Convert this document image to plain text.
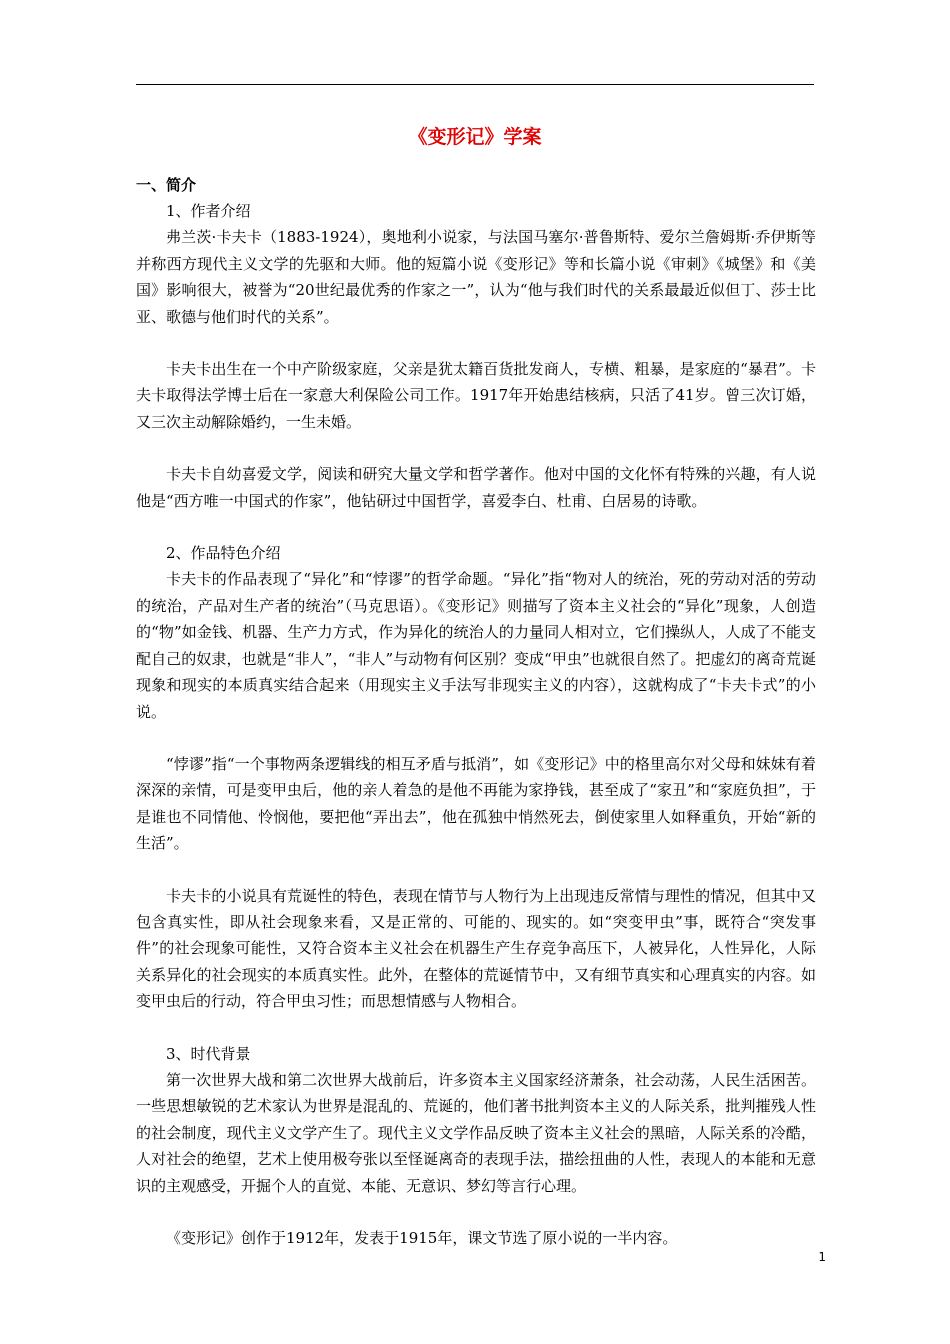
《变形记》学案

一、简介

1、作者介绍

弗兰茨·卡夫卡（1883-1924），奥地利小说家，与法国马塞尔·普鲁斯特、爱尔兰詹姆斯·乔伊斯等并称西方现代主义文学的先驱和大师。他的短篇小说《变形记》等和长篇小说《审刺》《城堡》和《美国》影响很大，被誉为“20世纪最优秀的作家之一”，认为“他与我们时代的关系最最近似但丁、莎士比亚、歌德与他们时代的关系”。

卡夫卡出生在一个中产阶级家庭，父亲是犹太籍百货批发商人，专横、粗暴，是家庭的“暴君”。卡夫卡取得法学博士后在一家意大利保险公司工作。1917年开始患结核病，只活了41岁。曾三次订婚，又三次主动解除婚约，一生未婚。

卡夫卡自幼喜爱文学，阅读和研究大量文学和哲学著作。他对中国的文化怀有特殊的兴趣，有人说他是“西方唯一中国式的作家”，他钻研过中国哲学，喜爱李白、杜甫、白居易的诗歌。

2、作品特色介绍

卡夫卡的作品表现了“异化”和“悖谬”的哲学命题。“异化”指“物对人的统治，死的劳动对活的劳动的统治，产品对生产者的统治”（马克思语）。《变形记》则描写了资本主义社会的“异化”现象，人创造的“物”如金钱、机器、生产力方式，作为异化的统治人的力量同人相对立，它们操纵人，人成了不能支配自己的奴隶，也就是“非人”，“非人”与动物有何区别？变成“甲虫”也就很自然了。把虚幻的离奇荒诞现象和现实的本质真实结合起来（用现实主义手法写非现实主义的内容），这就构成了“卡夫卡式”的小说。

“悖谬”指“一个事物两条逻辑线的相互矛盾与抵消”，如《变形记》中的格里高尔对父母和妹妹有着深深的亲情，可是变甲虫后，他的亲人着急的是他不再能为家挣钱，甚至成了“家丑”和“家庭负担”，于是谁也不同情他、怜悯他，要把他“弄出去”，他在孤独中悄然死去，倒使家里人如释重负，开始“新的生活”。

卡夫卡的小说具有荒诞性的特色，表现在情节与人物行为上出现违反常情与理性的情况，但其中又包含真实性，即从社会现象来看，又是正常的、可能的、现实的。如“突变甲虫”事，既符合“突发事件”的社会现象可能性，又符合资本主义社会在机器生产生存竞争高压下，人被异化，人性异化，人际关系异化的社会现实的本质真实性。此外，在整体的荒诞情节中，又有细节真实和心理真实的内容。如变甲虫后的行动，符合甲虫习性；而思想情感与人物相合。

3、时代背景

第一次世界大战和第二次世界大战前后，许多资本主义国家经济萧条，社会动荡，人民生活困苦。一些思想敏锐的艺术家认为世界是混乱的、荒诞的，他们著书批判资本主义的人际关系，批判摧残人性的社会制度，现代主义文学产生了。现代主义文学作品反映了资本主义社会的黑暗，人际关系的冷酷，人对社会的绝望，艺术上使用极夸张以至怪诞离奇的表现手法，描绘扭曲的人性，表现人的本能和无意识的主观感受，开掘个人的直觉、本能、无意识、梦幻等言行心理。

《变形记》创作于1912年，发表于1915年，课文节选了原小说的一半内容。

1
